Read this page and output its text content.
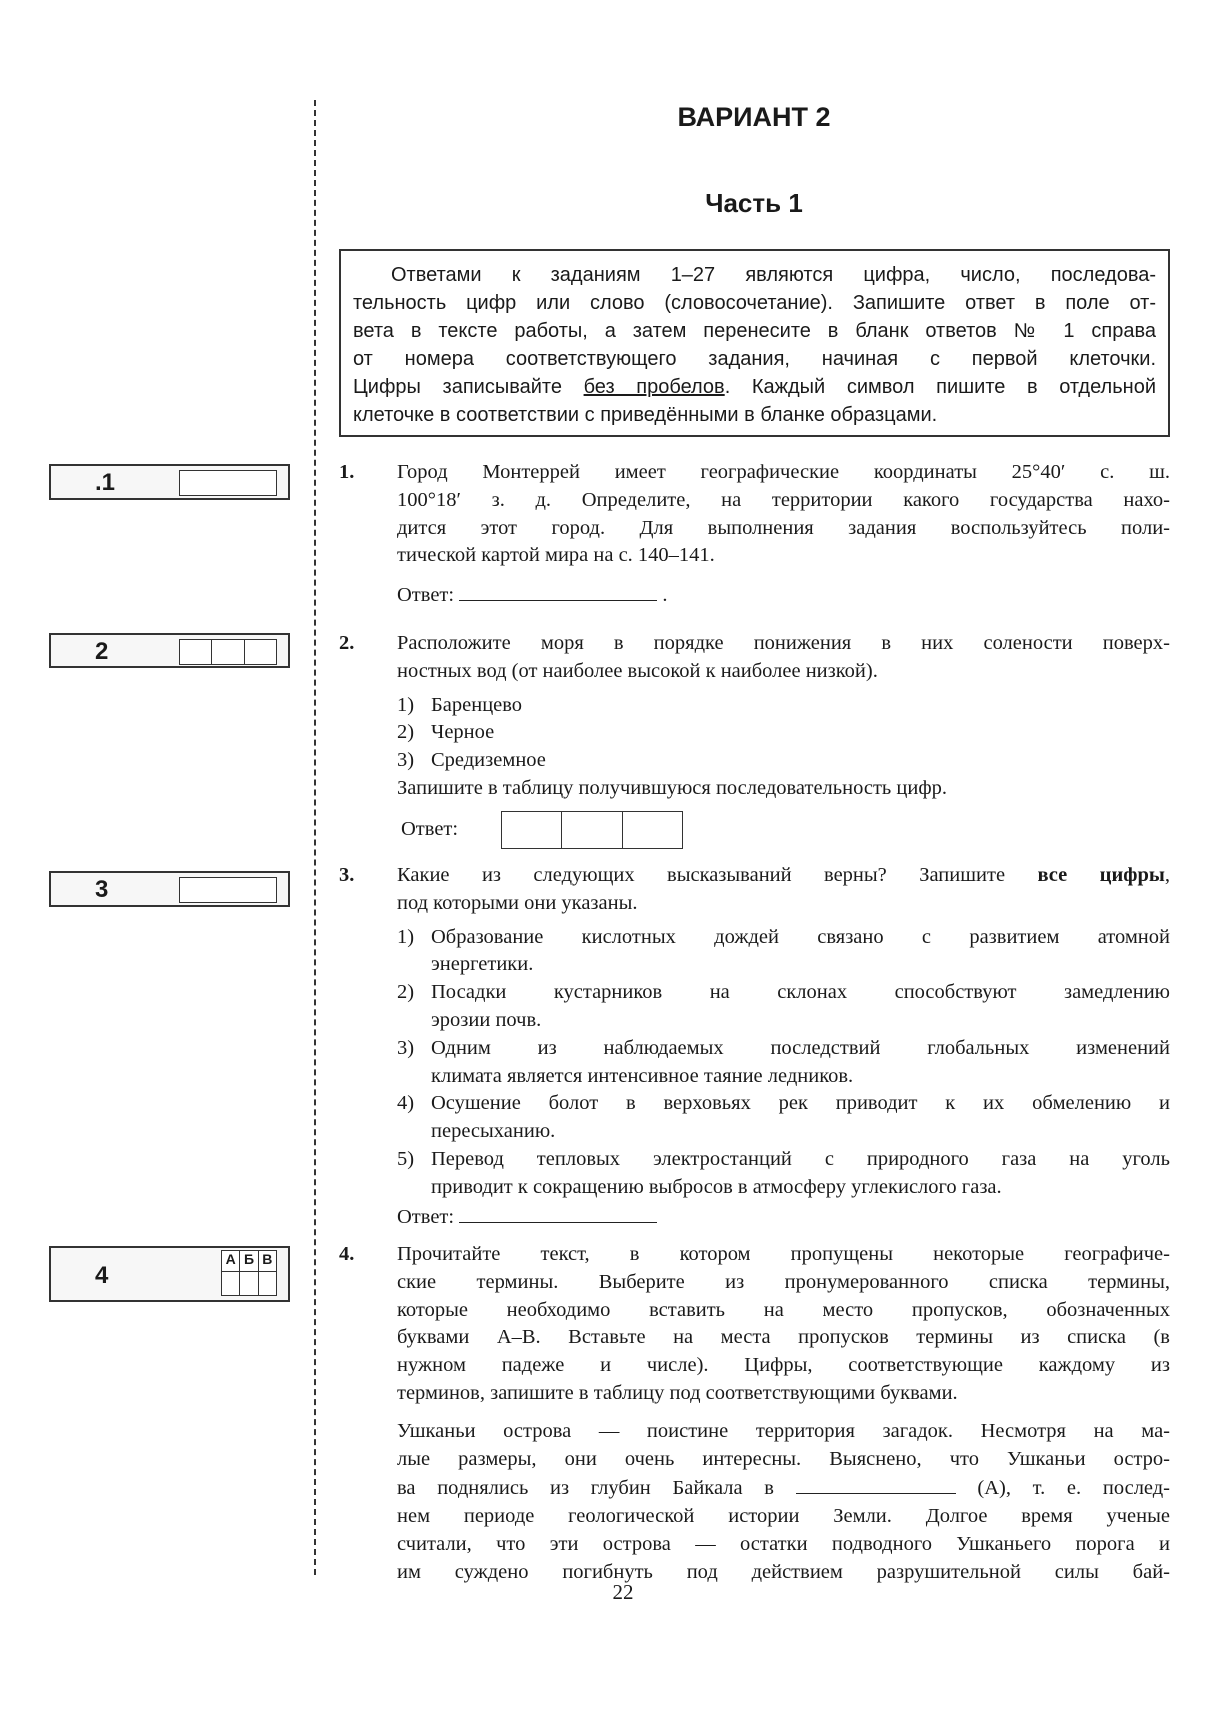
ВАРИАНТ 2
Часть 1
Ответами к заданиям 1–27 являются цифра, число, последова-
тельность цифр или слово (словосочетание). Запишите ответ в поле от-
вета в тексте работы, а затем перенесите в бланк ответов № 1 справа
от номера соответствующего задания, начиная с первой клеточки.
Цифры записывайте без пробелов. Каждый символ пишите в отдельной
клеточке в соответствии с приведёнными в бланке образцами.
.1
2
3
4
А Б В
1. Город Монтеррей имеет географические координаты 25°40′ с. ш.
100°18′ з. д. Определите, на территории какого государства нахо-
дится этот город. Для выполнения задания воспользуйтесь поли-
тической картой мира на с. 140–141.
Ответ:	.
2. Расположите моря в порядке понижения в них солености поверх-
ностных вод (от наиболее высокой к наиболее низкой).
1) Баренцево
2) Черное
3) Средиземное
Запишите в таблицу получившуюся последовательность цифр.
Ответ:
3. Какие из следующих высказываний верны? Запишите все цифры,
под которыми они указаны.
1) Образование кислотных дождей связано с развитием атомной
энергетики.
2) Посадки кустарников на склонах способствуют замедлению
эрозии почв.
3) Одним из наблюдаемых последствий глобальных изменений
климата является интенсивное таяние ледников.
4) Осушение болот в верховьях рек приводит к их обмелению и
пересыханию.
5) Перевод тепловых электростанций с природного газа на уголь
приводит к сокращению выбросов в атмосферу углекислого газа.
Ответ:
4. Прочитайте текст, в котором пропущены некоторые географиче-
ские термины. Выберите из пронумерованного списка термины,
которые необходимо вставить на место пропусков, обозначенных
буквами А–В. Вставьте на места пропусков термины из списка (в
нужном падеже и числе). Цифры, соответствующие каждому из
терминов, запишите в таблицу под соответствующими буквами.
Ушканьи острова — поистине территория загадок. Несмотря на ма-
лые размеры, они очень интересны. Выяснено, что Ушканьи остро-
ва поднялись из глубин Байкала в	(А), т. е. послед-
нем периоде геологической истории Земли. Долгое время ученые
считали, что эти острова — остатки подводного Ушканьего порога и
им суждено погибнуть под действием разрушительной силы бай-
22
